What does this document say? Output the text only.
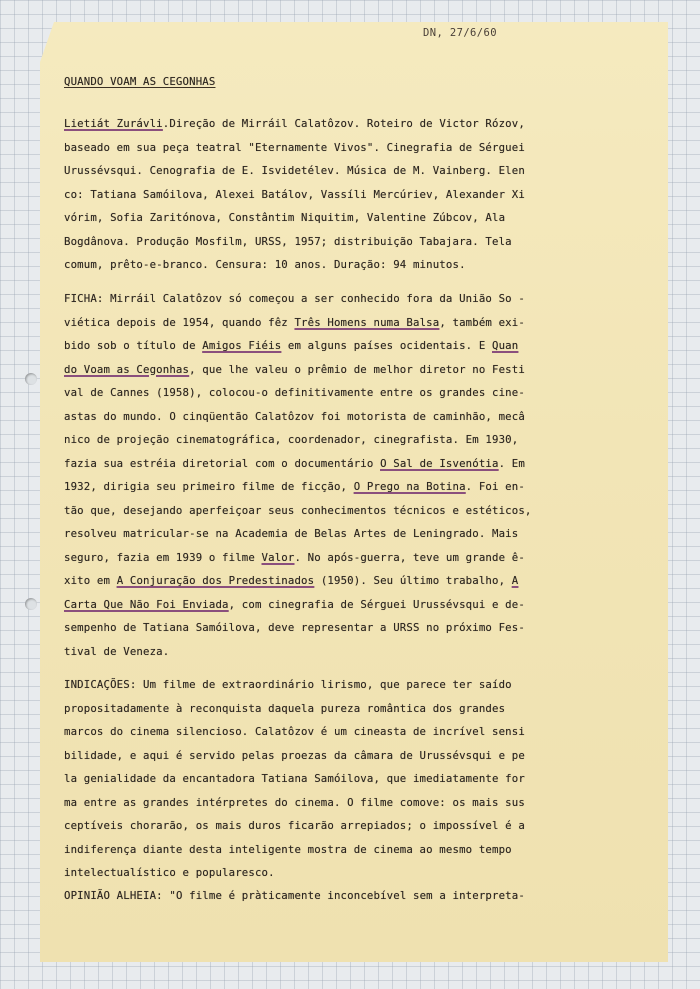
DN, 27/6/60

QUANDO VOAM AS CEGONHAS

Lietiát Zurávli.Direção de Mirráil Calatôzov. Roteiro de Victor Rózov,
baseado em sua peça teatral "Eternamente Vivos". Cinegrafia de Sérguei
Urussévsqui. Cenografia de E. Isvidetélev. Música de M. Vainberg. Elen
co: Tatiana Samóilova, Alexei Batálov, Vassíli Mercúriev, Alexander Xi
vórim, Sofia Zaritónova, Constântim Niquitim, Valentine Zúbcov, Ala
Bogdânova. Produção Mosfilm, URSS, 1957; distribuição Tabajara. Tela
comum, prêto-e-branco. Censura: 10 anos. Duração: 94 minutos.
FICHA: Mirráil Calatôzov só começou a ser conhecido fora da União So -
viética depois de 1954, quando fêz Três Homens numa Balsa, também exi-
bido sob o título de Amigos Fiéis em alguns países ocidentais. E Quan
do Voam as Cegonhas, que lhe valeu o prêmio de melhor diretor no Festi
val de Cannes (1958), colocou-o definitivamente entre os grandes cine-
astas do mundo. O cinqüentão Calatôzov foi motorista de caminhão, mecâ
nico de projeção cinematográfica, coordenador, cinegrafista. Em 1930,
fazia sua estréia diretorial com o documentário O Sal de Isvenótia. Em
1932, dirigia seu primeiro filme de ficção, O Prego na Botina. Foi en-
tão que, desejando aperfeiçoar seus conhecimentos técnicos e estéticos,
resolveu matricular-se na Academia de Belas Artes de Leningrado. Mais
seguro, fazia em 1939 o filme Valor. No após-guerra, teve um grande ê-
xito em A Conjuração dos Predestinados (1950). Seu último trabalho, A
Carta Que Não Foi Enviada, com cinegrafia de Sérguei Urussévsqui e de-
sempenho de Tatiana Samóilova, deve representar a URSS no próximo Fes-
tival de Veneza.
INDICAÇÕES: Um filme de extraordinário lirismo, que parece ter saído
propositadamente à reconquista daquela pureza romântica dos grandes
marcos do cinema silencioso. Calatôzov é um cineasta de incrível sensi
bilidade, e aqui é servido pelas proezas da câmara de Urussévsqui e pe
la genialidade da encantadora Tatiana Samóilova, que imediatamente for
ma entre as grandes intérpretes do cinema. O filme comove: os mais sus
ceptíveis chorarão, os mais duros ficarão arrepiados; o impossível é a
indiferença diante desta inteligente mostra de cinema ao mesmo tempo
intelectualístico e popularesco.
OPINIÃO ALHEIA: "O filme é pràticamente inconcebível sem a interpreta-
